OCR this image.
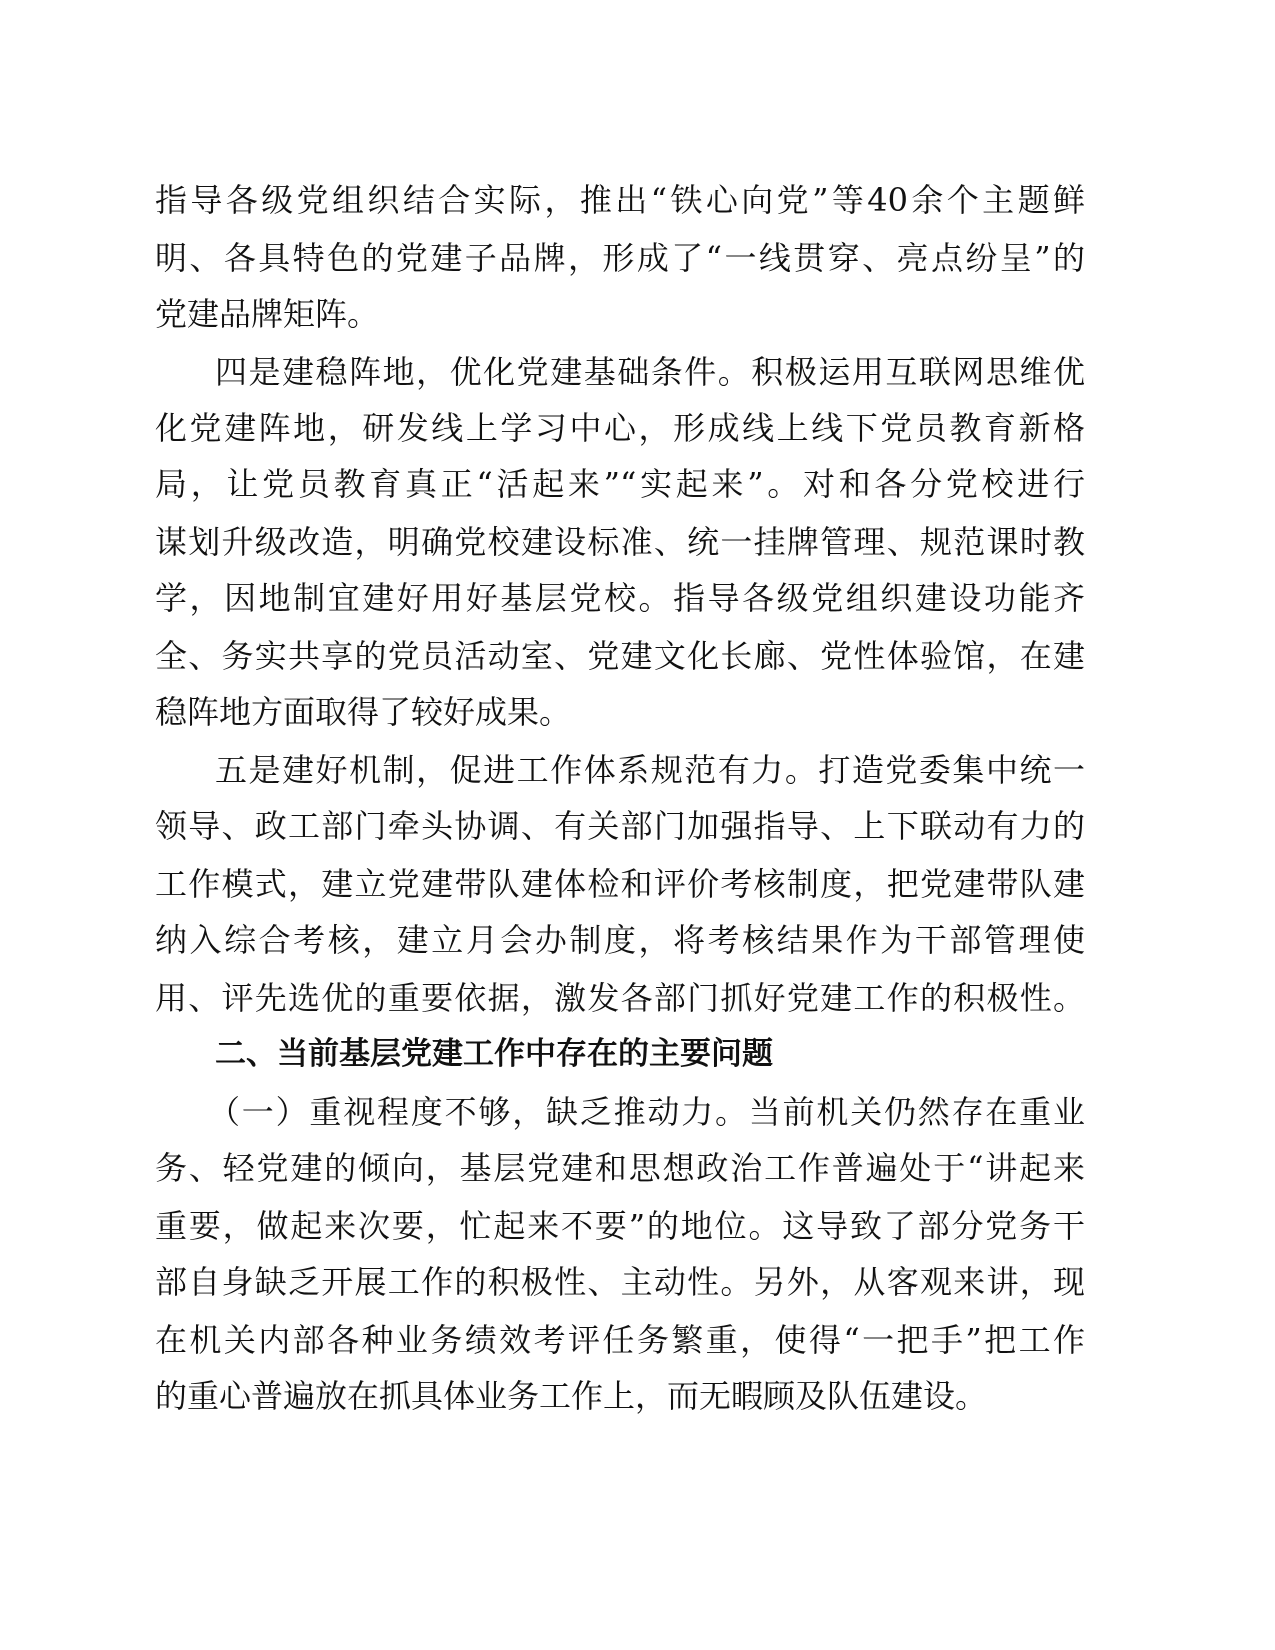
指导各级党组织结合实际，推出“铁心向党”等40余个主题鲜
明、各具特色的党建子品牌，形成了“一线贯穿、亮点纷呈”的
党建品牌矩阵。
四是建稳阵地，优化党建基础条件。积极运用互联网思维优
化党建阵地，研发线上学习中心，形成线上线下党员教育新格
局，让党员教育真正“活起来”“实起来”。对和各分党校进行
谋划升级改造，明确党校建设标准、统一挂牌管理、规范课时教
学，因地制宜建好用好基层党校。指导各级党组织建设功能齐
全、务实共享的党员活动室、党建文化长廊、党性体验馆，在建
稳阵地方面取得了较好成果。
五是建好机制，促进工作体系规范有力。打造党委集中统一
领导、政工部门牵头协调、有关部门加强指导、上下联动有力的
工作模式，建立党建带队建体检和评价考核制度，把党建带队建
纳入综合考核，建立月会办制度，将考核结果作为干部管理使
用、评先选优的重要依据，激发各部门抓好党建工作的积极性。
二、当前基层党建工作中存在的主要问题
（一）重视程度不够，缺乏推动力。当前机关仍然存在重业
务、轻党建的倾向，基层党建和思想政治工作普遍处于“讲起来
重要，做起来次要，忙起来不要”的地位。这导致了部分党务干
部自身缺乏开展工作的积极性、主动性。另外，从客观来讲，现
在机关内部各种业务绩效考评任务繁重，使得“一把手”把工作
的重心普遍放在抓具体业务工作上，而无暇顾及队伍建设。
